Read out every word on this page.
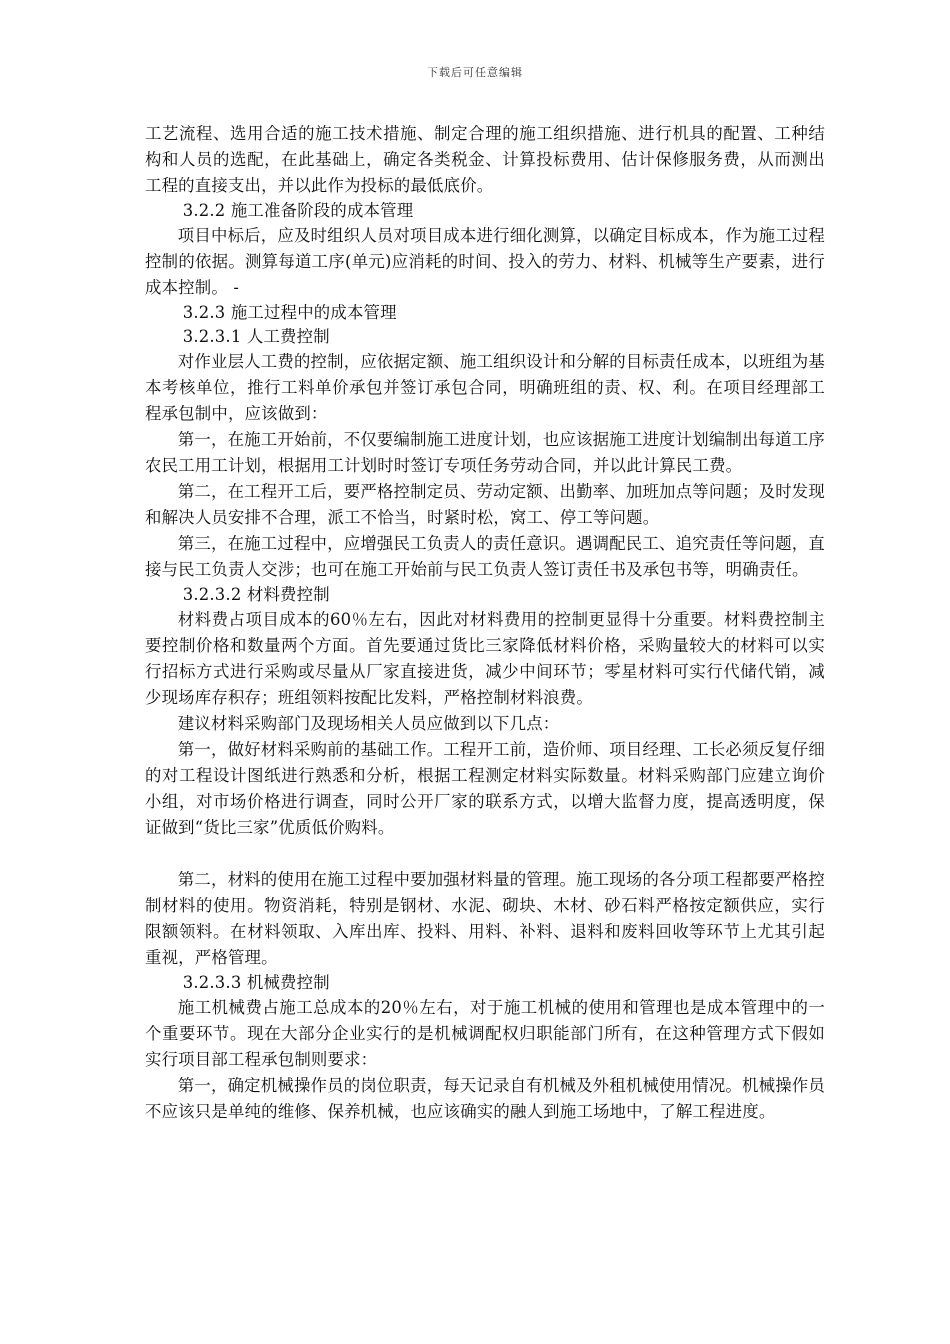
下载后可任意编辑

工艺流程、选用合适的施工技术措施、制定合理的施工组织措施、进行机具的配置、工种结构和人员的选配，在此基础上，确定各类税金、计算投标费用、估计保修服务费，从而测出工程的直接支出，并以此作为投标的最低底价。

3.2.2 施工准备阶段的成本管理

项目中标后，应及时组织人员对项目成本进行细化测算，以确定目标成本，作为施工过程控制的依据。测算每道工序(单元)应消耗的时间、投入的劳力、材料、机械等生产要素，进行成本控制。 -

3.2.3 施工过程中的成本管理

3.2.3.1 人工费控制

对作业层人工费的控制，应依据定额、施工组织设计和分解的目标责任成本，以班组为基本考核单位，推行工料单价承包并签订承包合同，明确班组的责、权、利。在项目经理部工程承包制中，应该做到：

第一，在施工开始前，不仅要编制施工进度计划，也应该据施工进度计划编制出每道工序农民工用工计划，根据用工计划时时签订专项任务劳动合同，并以此计算民工费。

第二，在工程开工后，要严格控制定员、劳动定额、出勤率、加班加点等问题；及时发现和解决人员安排不合理，派工不恰当，时紧时松，窝工、停工等问题。

第三，在施工过程中，应增强民工负责人的责任意识。遇调配民工、追究责任等问题，直接与民工负责人交涉；也可在施工开始前与民工负责人签订责任书及承包书等，明确责任。

3.2.3.2 材料费控制

材料费占项目成本的60％左右，因此对材料费用的控制更显得十分重要。材料费控制主要控制价格和数量两个方面。首先要通过货比三家降低材料价格，采购量较大的材料可以实行招标方式进行采购或尽量从厂家直接进货，减少中间环节；零星材料可实行代储代销，减少现场库存积存；班组领料按配比发料，严格控制材料浪费。

建议材料采购部门及现场相关人员应做到以下几点：

第一，做好材料采购前的基础工作。工程开工前，造价师、项目经理、工长必须反复仔细的对工程设计图纸进行熟悉和分析，根据工程测定材料实际数量。材料采购部门应建立询价小组，对市场价格进行调查，同时公开厂家的联系方式，以增大监督力度，提高透明度，保证做到“货比三家”优质低价购料。

第二，材料的使用在施工过程中要加强材料量的管理。施工现场的各分项工程都要严格控制材料的使用。物资消耗，特别是钢材、水泥、砌块、木材、砂石料严格按定额供应，实行限额领料。在材料领取、入库出库、投料、用料、补料、退料和废料回收等环节上尤其引起重视，严格管理。

3.2.3.3 机械费控制

施工机械费占施工总成本的20％左右，对于施工机械的使用和管理也是成本管理中的一个重要环节。现在大部分企业实行的是机械调配权归职能部门所有，在这种管理方式下假如实行项目部工程承包制则要求：

第一，确定机械操作员的岗位职责，每天记录自有机械及外租机械使用情况。机械操作员不应该只是单纯的维修、保养机械，也应该确实的融人到施工场地中，了解工程进度。
